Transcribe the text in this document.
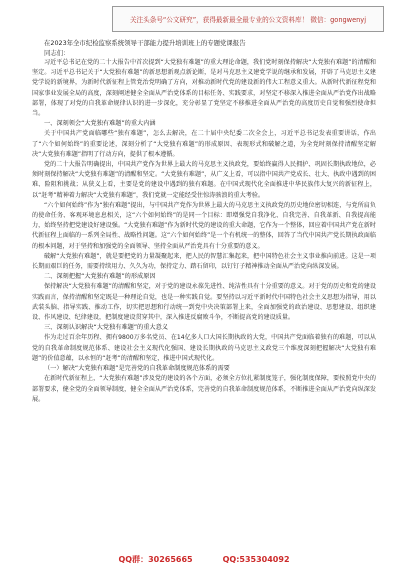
关注头条号“公文研究”，获得最新最全最专业的公文资料库！ 微信：gongwenyj
在2023年全市纪检监察系统领导干部能力提升培训班上的专题党课报告
同志们：

习近平总书记在党的二十大报告中首次提到“大党独有难题”的重大理论命题，我们党时刻保持解决“大党独有难题”的清醒和坚定。习近平总书记关于“大党独有难题”的新思想新观点新论断，是对马克思主义建党学说的继承和发展，开辟了马克思主义建党学说的新境界，为新时代新征程上管党治党明确了方向，对推动新时代党的建设新的伟大工程意义重大。从新时代新征程党和国家事业发展全局的高度，深刻阐述健全全面从严治党体系的目标任务、实践要求，对坚定不移深入推进全面从严治党作出战略部署，体现了对党的自我革命规律认识的进一步深化，充分彰显了党坚定不移推进全面从严治党的高度历史自觉和强烈使命担当。

一、深刻领会“大党独有难题”的重大内涵

关于中国共产党面临哪些“独有难题”，怎么去解决，在二十届中央纪委二次全会上，习近平总书记发表重要讲话，作出了“六个如何始终”的重要论述，深刻分析了“大党独有难题”的形成原因、表现形式和破解之道，为全党时刻保持清醒坚定解决“大党独有难题”指明了行动方向，提供了根本遵循。

党的二十大报告明确提出，中国共产党作为世界上最大的马克思主义执政党，要始终赢得人民拥护、巩固长期执政地位，必须时刻保持解决“大党独有难题”的清醒和坚定。“大党独有难题”，从广义上看，可以指中国共产党成长、壮大、执政中遇到的困难、险阻和挑战；从狭义上看，主要是党的建设中遇到的独有难题。在中国式现代化全面推进中华民族伟大复兴的新征程上，以“赶考”精神着力解决“大党独有难题”，我们党就一定能经受住惊涛骇浪的重大考验。

“六个如何始终”作为“独有难题”提出，与中国共产党作为世界上最大的马克思主义执政党的历史地位密切相连，与党所肩负的使命任务、客观环境息息相关，这“六个如何始终”的是同一个目标：即增强党自我净化、自我完善、自我革新、自我提高能力，始终坚持把党建设好建设强。“大党独有难题”作为新时代党的建设的重大命题，它作为一个整体，回应着中国共产党在新时代新征程上面临的一系列全局性、战略性问题。这“六个如何始终”是一个有机统一的整体，回答了当代中国共产党长期执政面临的根本问题，对于坚持和加强党的全面领导、坚持全面从严治党具有十分重要的意义。

破解“大党独有难题”，就是要把党的力量凝聚起来，把人民的智慧汇集起来，把中国特色社会主义事业推向前进。这是一项长期而艰巨的任务，需要持续用力、久久为功，保持定力、踏石留印，以钉钉子精神推动全面从严治党向纵深发展。

二、深刻把握“大党独有难题”的形成原因

保持解决“大党独有难题”的清醒和坚定，对于党的建设永葆先进性、纯洁性具有十分重要的意义。对于党的历史和党的建设实践而言，保持清醒和坚定既是一种理论自觉，也是一种实践自觉。要坚持以习近平新时代中国特色社会主义思想为指导，用以武装头脑、指导实践、推动工作，切实把思想和行动统一到党中央决策部署上来，全面加强党的政治建设、思想建设、组织建设、作风建设、纪律建设，把制度建设贯穿其中，深入推进反腐败斗争，不断提高党的建设质量。

三、深刻认识解决“大党独有难题”的重大意义

作为走过百余年历程、拥有9800万多名党员、在14亿多人口大国长期执政的大党，中国共产党面临着独有的难题，可以从党的自我革命制度规范体系、建设社会主义现代化强国、建设长期执政的马克思主义政党三个维度深刻把握解决“大党独有难题”的价值意蕴，以永恒的“赶考”的清醒和坚定，推进中国式现代化。

（一）解决“大党独有难题”是完善党的自我革命制度规范体系的需要

在新时代新征程上，“大党独有难题”涉及党的建设的各个方面，必须全方位扎紧制度笼子，强化制度保障，要按照党中央的部署要求，健全党的全面领导制度，健全全面从严治党体系，完善党的自我革命制度规范体系，不断推进全面从严治党向纵深发展。

QQ群：30265665	QQ:535304092
